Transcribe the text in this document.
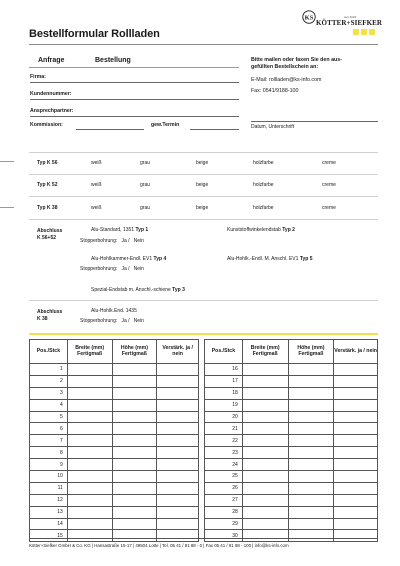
Bestellformular Rollladen
KS	seit 1923
KÖTTER+SIEFKER
Anfrage	Bestellung	Bitte mailen oder faxen Sie den aus-
gefüllten Bestellschein an:
E-Mail: rollladen@ks-info.com
Fax: 0541/9188-100
Firma:
Kundennummer:
Ansprechpartner:
Kommission:	gew.Termin	Datum, Unterschrift
Typ K 56	weiß	grau	beige	holzfarbe	creme
Typ K 52	weiß	grau	beige	holzfarbe	creme
Typ K 38	weiß	grau	beige	holzfarbe	creme
Abschluss
K 56+52
Alu-Standard, 1351 Typ 1
Stopperbohrung: Ja / Nein
Kunststoffwinkelendstab Typ 2
Alu-Hohlkammer-Endl. EV1 Typ 4
Stopperbohrung: Ja / Nein
Alu-Hohlk.-Endl. M. Anschl. EV1 Typ 5
Spezial-Endstab m. Anschl.-schiene Typ 3
Abschluss
K 38
Alu-Hohlk.End. 1435
Stopperbohrung: Ja / Nein
Pos./Stck	Breite (mm) Fertigmaß	Höhe (mm) Fertigmaß	Verstärk. ja / nein
1			
2			
3			
4			
5			
6			
7			
8			
9			
10			
11			
12			
13			
14			
15			
Pos./Stck	Breite (mm) Fertigmaß	Höhe (mm) Fertigmaß	Verstärk. ja / nein
16			
17			
18			
19			
20			
21			
22			
23			
24			
25			
26			
27			
28			
29			
30			
Kötter+Siefker GmbH & Co. KG | Hansastraße 15-17 | 49504 Lotte | Tel. 05 41 / 91 88 - 0 | Fax 05 41 / 91 88 - 100 | info@ks-info.com
